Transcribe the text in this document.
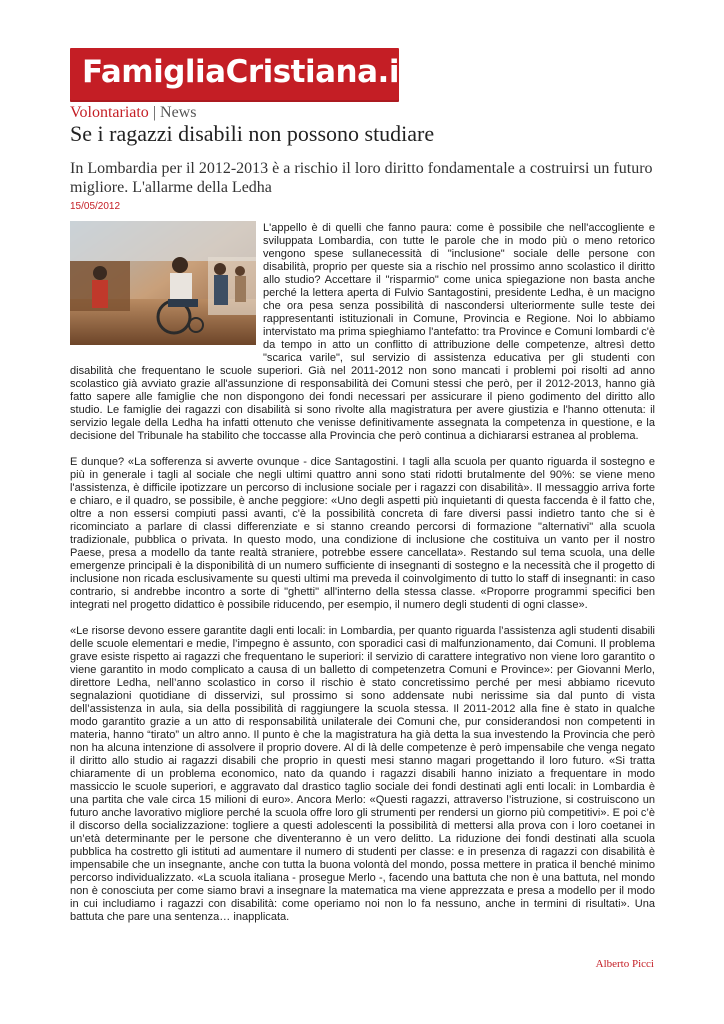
FamigliaCristiana.it
Volontariato | News
Se i ragazzi disabili non possono studiare

In Lombardia per il 2012-2013 è a rischio il loro diritto fondamentale a costruirsi un futuro migliore. L'allarme della Ledha

15/05/2012

L'appello è di quelli che fanno paura: come è possibile che nell'accogliente e sviluppata Lombardia, con tutte le parole che in modo più o meno retorico vengono spese sullanecessità di "inclusione" sociale delle persone con disabilità, proprio per queste sia a rischio nel prossimo anno scolastico il diritto allo studio? Accettare il "risparmio" come unica spiegazione non basta anche perché la lettera aperta di Fulvio Santagostini, presidente Ledha, è un macigno che ora pesa senza possibilità di nascondersi ulteriormente sulle teste dei rappresentanti istituzionali in Comune, Provincia e Regione. Noi lo abbiamo intervistato ma prima spieghiamo l'antefatto: tra Province e Comuni lombardi c'è da tempo in atto un conflitto di attribuzione delle competenze, altresì detto "scarica varile", sul servizio di assistenza educativa per gli studenti con disabilità che frequentano le scuole superiori. Già nel 2011-2012 non sono mancati i problemi poi risolti ad anno scolastico già avviato grazie all'assunzione di responsabilità dei Comuni stessi che però, per il 2012-2013, hanno già fatto sapere alle famiglie che non dispongono dei fondi necessari per assicurare il pieno godimento del diritto allo studio. Le famiglie dei ragazzi con disabilità si sono rivolte alla magistratura per avere giustizia e l'hanno ottenuta: il servizio legale della Ledha ha infatti ottenuto che venisse definitivamente assegnata la competenza in questione, e la decisione del Tribunale ha stabilito che toccasse alla Provincia che però continua a dichiararsi estranea al problema.

E dunque? «La sofferenza si avverte ovunque - dice Santagostini. I tagli alla scuola per quanto riguarda il sostegno e più in generale i tagli al sociale che negli ultimi quattro anni sono stati ridotti brutalmente del 90%: se viene meno l'assistenza, è difficile ipotizzare un percorso di inclusione sociale per i ragazzi con disabilità». Il messaggio arriva forte e chiaro, e il quadro, se possibile, è anche peggiore: «Uno degli aspetti più inquietanti di questa faccenda è il fatto che, oltre a non essersi compiuti passi avanti, c'è la possibilità concreta di fare diversi passi indietro tanto che si è ricominciato a parlare di classi differenziate e si stanno creando percorsi di formazione "alternativi" alla scuola tradizionale, pubblica o privata. In questo modo, una condizione di inclusione che costituiva un vanto per il nostro Paese, presa a modello da tante realtà straniere, potrebbe essere cancellata». Restando sul tema scuola, una delle emergenze principali è la disponibilità di un numero sufficiente di insegnanti di sostegno e la necessità che il progetto di inclusione non ricada esclusivamente su questi ultimi ma preveda il coinvolgimento di tutto lo staff di insegnanti: in caso contrario, si andrebbe incontro a sorte di "ghetti" all'interno della stessa classe. «Proporre programmi specifici ben integrati nel progetto didattico è possibile riducendo, per esempio, il numero degli studenti di ogni classe».

«Le risorse devono essere garantite dagli enti locali: in Lombardia, per quanto riguarda l’assistenza agli studenti disabili delle scuole elementari e medie, l’impegno è assunto, con sporadici casi di malfunzionamento, dai Comuni. Il problema grave esiste rispetto ai ragazzi che frequentano le superiori: il servizio di carattere integrativo non viene loro garantito o viene garantito in modo complicato a causa di un balletto di competenzetra Comuni e Province»: per Giovanni Merlo, direttore Ledha, nell’anno scolastico in corso il rischio è stato concretissimo perché per mesi abbiamo ricevuto segnalazioni quotidiane di disservizi, sul prossimo si sono addensate nubi nerissime sia dal punto di vista dell’assistenza in aula, sia della possibilità di raggiungere la scuola stessa. Il 2011-2012 alla fine è stato in qualche modo garantito grazie a un atto di responsabilità unilaterale dei Comuni che, pur considerandosi non competenti in materia, hanno “tirato” un altro anno. Il punto è che la magistratura ha già detta la sua investendo la Provincia che però non ha alcuna intenzione di assolvere il proprio dovere. Al di là delle competenze è però impensabile che venga negato il diritto allo studio ai ragazzi disabili che proprio in questi mesi stanno magari progettando il loro futuro. «Si tratta chiaramente di un problema economico, nato da quando i ragazzi disabili hanno iniziato a frequentare in modo massiccio le scuole superiori, e aggravato dal drastico taglio sociale dei fondi destinati agli enti locali: in Lombardia è una partita che vale circa 15 milioni di euro». Ancora Merlo: «Questi ragazzi, attraverso l’istruzione, si costruiscono un futuro anche lavorativo migliore perché la scuola offre loro gli strumenti per rendersi un giorno più competitivi». E poi c’è il discorso della socializzazione: togliere a questi adolescenti la possibilità di mettersi alla prova con i loro coetanei in un’età determinante per le persone che diventeranno è un vero delitto. La riduzione dei fondi destinati alla scuola pubblica ha costretto gli istituti ad aumentare il numero di studenti per classe: e in presenza di ragazzi con disabilità è impensabile che un insegnante, anche con tutta la buona volontà del mondo, possa mettere in pratica il benché minimo percorso individualizzato. «La scuola italiana - prosegue Merlo -, facendo una battuta che non è una battuta, nel mondo non è conosciuta per come siamo bravi a insegnare la matematica ma viene apprezzata e presa a modello per il modo in cui includiamo i ragazzi con disabilità: come operiamo noi non lo fa nessuno, anche in termini di risultati». Una battuta che pare una sentenza… inapplicata.

Alberto Picci
